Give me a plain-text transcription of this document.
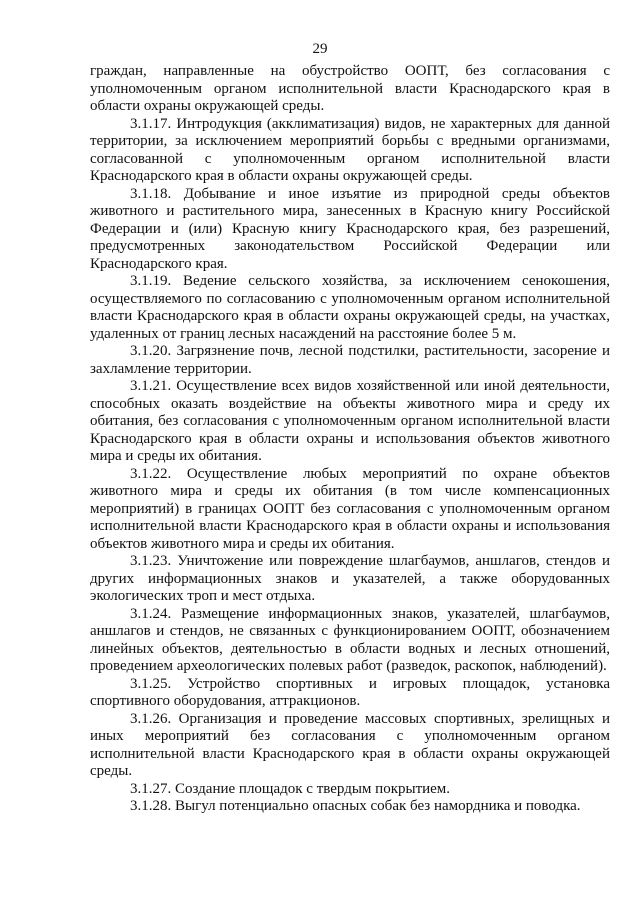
29

граждан, направленные на обустройство ООПТ, без согласования с уполномоченным органом исполнительной власти Краснодарского края в области охраны окружающей среды.

3.1.17. Интродукция (акклиматизация) видов, не характерных для данной территории, за исключением мероприятий борьбы с вредными организмами, согласованной с уполномоченным органом исполнительной власти Краснодарского края в области охраны окружающей среды.

3.1.18. Добывание и иное изъятие из природной среды объектов животного и растительного мира, занесенных в Красную книгу Российской Федерации и (или) Красную книгу Краснодарского края, без разрешений, предусмотренных законодательством Российской Федерации или Краснодарского края.

3.1.19. Ведение сельского хозяйства, за исключением сенокошения, осуществляемого по согласованию с уполномоченным органом исполнительной власти Краснодарского края в области охраны окружающей среды, на участках, удаленных от границ лесных насаждений на расстояние более 5 м.

3.1.20. Загрязнение почв, лесной подстилки, растительности, засорение и захламление территории.

3.1.21. Осуществление всех видов хозяйственной или иной деятельности, способных оказать воздействие на объекты животного мира и среду их обитания, без согласования с уполномоченным органом исполнительной власти Краснодарского края в области охраны и использования объектов животного мира и среды их обитания.

3.1.22. Осуществление любых мероприятий по охране объектов животного мира и среды их обитания (в том числе компенсационных мероприятий) в границах ООПТ без согласования с уполномоченным органом исполнительной власти Краснодарского края в области охраны и использования объектов животного мира и среды их обитания.

3.1.23. Уничтожение или повреждение шлагбаумов, аншлагов, стендов и других информационных знаков и указателей, а также оборудованных экологических троп и мест отдыха.

3.1.24. Размещение информационных знаков, указателей, шлагбаумов, аншлагов и стендов, не связанных с функционированием ООПТ, обозначением линейных объектов, деятельностью в области водных и лесных отношений, проведением археологических полевых работ (разведок, раскопок, наблюдений).

3.1.25. Устройство спортивных и игровых площадок, установка спортивного оборудования, аттракционов.

3.1.26. Организация и проведение массовых спортивных, зрелищных и иных мероприятий без согласования с уполномоченным органом исполнительной власти Краснодарского края в области охраны окружающей среды.

3.1.27. Создание площадок с твердым покрытием.

3.1.28. Выгул потенциально опасных собак без намордника и поводка.
